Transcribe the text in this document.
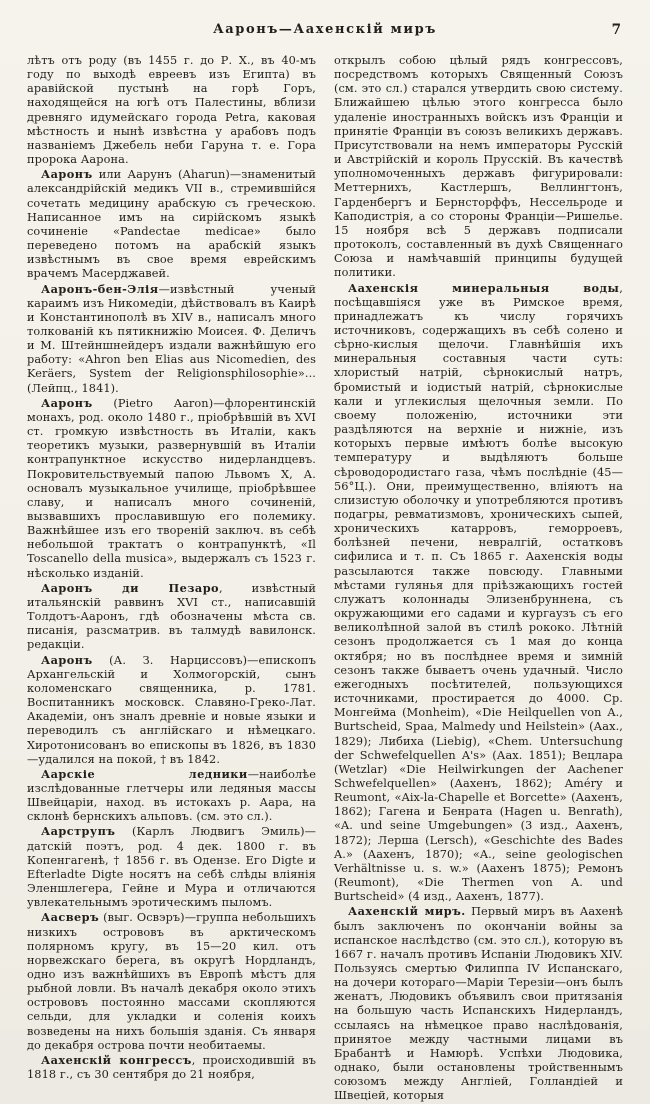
Ааронъ—Аахенскій миръ	7

лѣтъ отъ роду (въ 1455 г. до Р. Х., въ 40-мъ году по выходѣ евреевъ изъ Египта) въ аравійской пустынѣ на горѣ Горъ, находящейся на югѣ отъ Палестины, вблизи древняго идумейскаго города Petra, каковая мѣстность и нынѣ извѣстна у арабовъ подъ названіемъ Джебель неби Гаруна т. е. Гора пророка Аарона.

Ааронъ или Аарунъ (Aharun)—знаменитый александрійскій медикъ VII в., стремившійся сочетать медицину арабскую съ греческою. Написанное имъ на сирійскомъ языкѣ сочиненіе «Pandectae medicae» было переведено потомъ на арабскій языкъ извѣстнымъ въ свое время еврейскимъ врачемъ Масерджавей.

Ааронъ-бен-Элія—извѣстный ученый караимъ изъ Никомедіи, дѣйствовалъ въ Каирѣ и Константинополѣ въ XIV в., написалъ много толкованій къ пятикнижію Моисея. Ф. Деличъ и М. Штейншнейдеръ издали важнѣйшую его работу: «Ahron ben Elias aus Nicomedien, des Keräers, System der Religionsphilosophie»... (Лейпц., 1841).

Ааронъ (Pietro Aaron)—флорентинскій монахъ, род. около 1480 г., пріобрѣвшій въ XVI ст. громкую извѣстность въ Италіи, какъ теоретикъ музыки, развернувшій въ Италіи контрапунктное искусство нидерландцевъ. Покровительствуемый папою Львомъ X, А. основалъ музыкальное училище, пріобрѣвшее славу, и написалъ много сочиненій, вызвавшихъ прославившую его полемику. Важнѣйшее изъ его твореній заключ. въ себѣ небольшой трактатъ о контрапунктѣ, «Il Toscanello della musica», выдержалъ съ 1523 г. нѣсколько изданій.

Ааронъ ди Пезаро, извѣстный итальянскій раввинъ XVI ст., написавшій Толдотъ-Ааронъ, гдѣ обозначены мѣста св. писанія, разсматрив. въ талмудѣ вавилонск. редакціи.

Ааронъ (А. З. Нарциссовъ)—епископъ Архангельскій и Холмогорскій, сынъ коломенскаго священника, р. 1781. Воспитанникъ московск. Славяно-Греко-Лат. Академіи, онъ зналъ древніе и новые языки и переводилъ съ англійскаго и нѣмецкаго. Хиротонисованъ во епископы въ 1826, въ 1830—удалился на покой, † въ 1842.

Аарскіе ледники—наиболѣе изслѣдованные глетчеры или ледяныя массы Швейцаріи, наход. въ истокахъ р. Аара, на склонѣ бернскихъ альповъ. (см. это сл.).

Аарструпъ (Карлъ Людвигъ Эмиль)—датскій поэтъ, род. 4 дек. 1800 г. въ Копенгагенѣ, † 1856 г. въ Одензе. Его Digte и Efterladte Digte носятъ на себѣ слѣды вліянія Эленшлегера, Гейне и Мура и отличаются увлекательнымъ эротическимъ пыломъ.

Аасверъ (выг. Освэръ)—группа небольшихъ низкихъ острововъ въ арктическомъ полярномъ кругу, въ 15—20 кил. отъ норвежскаго берега, въ округѣ Нордландъ, одно изъ важнѣйшихъ въ Европѣ мѣстъ для рыбной ловли. Въ началѣ декабря около этихъ острововъ постоянно массами скопляются сельди, для укладки и соленія коихъ возведены на нихъ большія зданія. Съ января до декабря острова почти необитаемы.

Аахенскій конгрессъ, происходившій въ 1818 г., съ 30 сентября до 21 ноября,

открылъ собою цѣлый рядъ конгрессовъ, посредствомъ которыхъ Священный Союзъ (см. это сл.) старался утвердить свою систему. Ближайшею цѣлью этого конгресса было удаленіе иностранныхъ войскъ изъ Франціи и принятіе Франціи въ союзъ великихъ державъ. Присутствовали на немъ императоры Русскій и Австрійскій и король Прусскій. Въ качествѣ уполномоченныхъ державъ фигурировали: Меттернихъ, Кастлершъ, Веллингтонъ, Гарденбергъ и Бернсторффъ, Нессельроде и Каподистрія, а со стороны Франціи—Ришелье. 15 ноября всѣ 5 державъ подписали протоколъ, составленный въ духѣ Священнаго Союза и намѣчавшій принципы будущей политики.

Аахенскія минеральныя воды, посѣщавшіяся уже въ Римское время, принадлежатъ къ числу горячихъ источниковъ, содержащихъ въ себѣ солено и сѣрно-кислыя щелочи. Главнѣйшія ихъ минеральныя составныя части суть: хлористый натрій, сѣрнокислый натръ, бромистый и іодистый натрій, сѣрнокислые кали и углекислыя щелочныя земли. По своему положенію, источники эти раздѣляются на верхніе и нижніе, изъ которыхъ первые имѣютъ болѣе высокую температуру и выдѣляютъ больше сѣроводородистаго газа, чѣмъ послѣдніе (45—56°Ц.). Они, преимущественно, вліяютъ на слизистую оболочку и употребляются противъ подагры, ревматизмовъ, хроническихъ сыпей, хроническихъ катарровъ, геморроевъ, болѣзней печени, невралгій, остатковъ сифилиса и т. п. Съ 1865 г. Аахенскія воды разсылаются также повсюду. Главными мѣстами гулянья для пріѣзжающихъ гостей служатъ колоннады Элизенбруннена, съ окружающими его садами и кургаузъ съ его великолѣпной залой въ стилѣ рококо. Лѣтній сезонъ продолжается съ 1 мая до конца октября; но въ послѣднее время и зимній сезонъ также бываетъ очень удачный. Число ежегодныхъ посѣтителей, пользующихся источниками, простирается до 4000. Ср. Монгейма (Monheim), «Die Heilquellen von A., Burtscheid, Spaa, Malmedy und Heilstein» (Аах., 1829); Либиха (Liebig), «Chem. Untersuchung der Schwefelquellen A's» (Аах. 1851); Вецлара (Wetzlar) «Die Heilwirkungen der Aachener Schwefelquellen» (Аахенъ, 1862); Améry и Reumont, «Aix-la-Chapelle et Borcette» (Аахенъ, 1862); Гагена и Бенрата (Hagen u. Benrath), «A. und seine Umgebungen» (3 изд., Аахенъ, 1872); Лерша (Lersch), «Geschichte des Bades A.» (Аахенъ, 1870); «A., seine geologischen Verhältnisse u. s. w.» (Аахенъ 1875); Ремонъ (Reumont), «Die Thermen von A. und Burtscheid» (4 изд., Аахенъ, 1877).

Аахенскій миръ. Первый миръ въ Аахенѣ былъ заключенъ по окончаніи войны за испанское наслѣдство (см. это сл.), которую въ 1667 г. началъ противъ Испаніи Людовикъ XIV. Пользуясь смертью Филиппа IV Испанскаго, на дочери котораго—Маріи Терезіи—онъ былъ женатъ, Людовикъ объявилъ свои притязанія на большую часть Испанскихъ Нидерландъ, ссылаясь на нѣмецкое право наслѣдованія, принятое между частными лицами въ Брабантѣ и Намюрѣ. Успѣхи Людовика, однако, были остановлены тройственнымъ союзомъ между Англіей, Голландіей и Швеціей, которыя
